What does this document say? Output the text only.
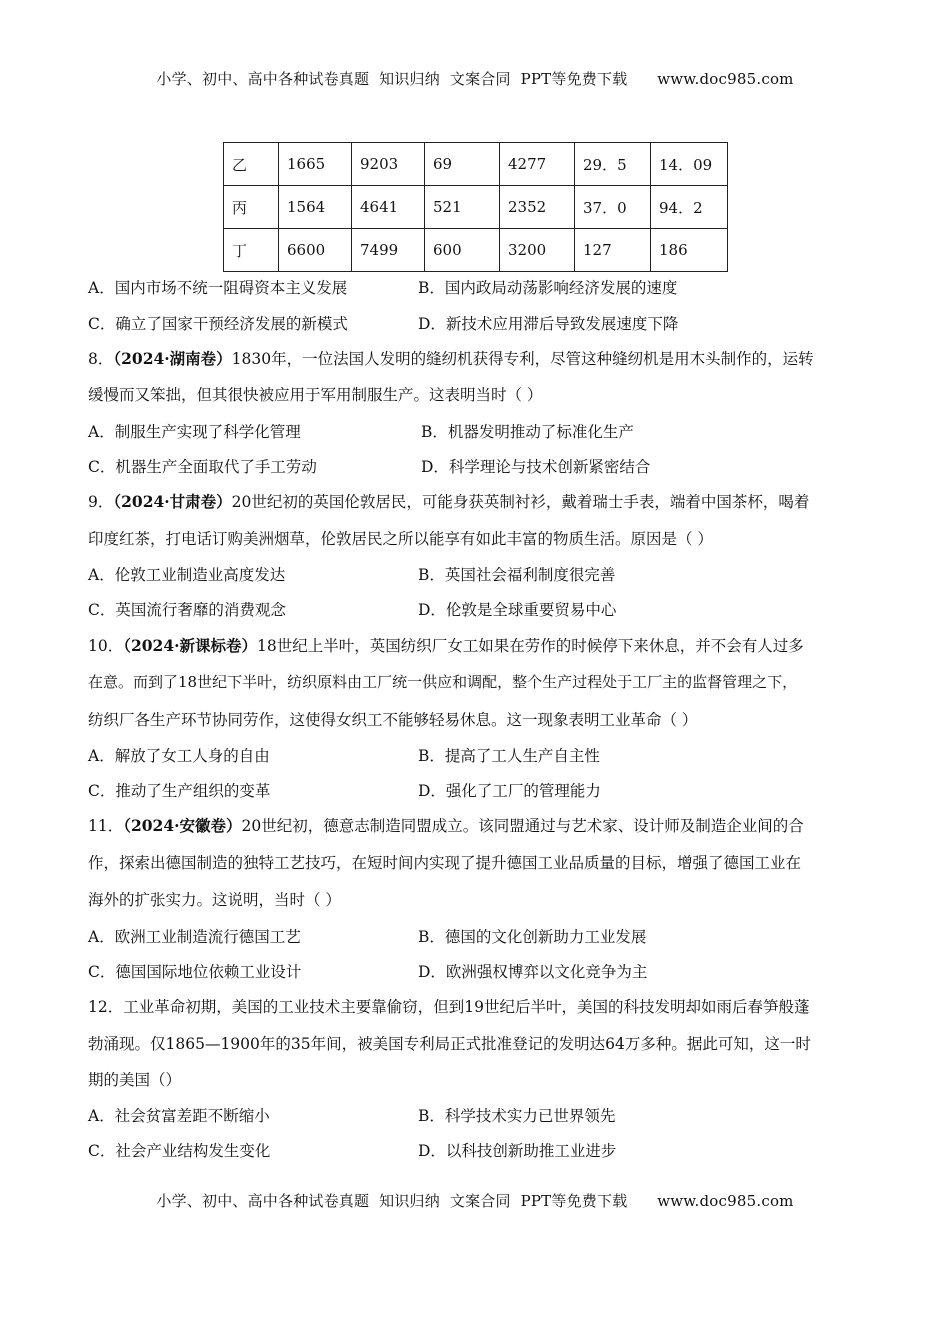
小学、初中、高中各种试卷真题  知识归纳  文案合同  PPT等免费下载      www.doc985.com
乙	1665	9203	69	4277	29．5	14．09
丙	1564	4641	521	2352	37．0	94．2
丁	6600	7499	600	3200	127	186
A．国内市场不统一阻碍资本主义发展	B．国内政局动荡影响经济发展的速度
C．确立了国家干预经济发展的新模式	D．新技术应用滞后导致发展速度下降
8．（2024·湖南卷）1830年，一位法国人发明的缝纫机获得专利，尽管这种缝纫机是用木头制作的，运转
缓慢而又笨拙，但其很快被应用于军用制服生产。这表明当时（ ）
A．制服生产实现了科学化管理	B．机器发明推动了标准化生产
C．机器生产全面取代了手工劳动	D．科学理论与技术创新紧密结合
9．（2024·甘肃卷）20世纪初的英国伦敦居民，可能身获英制衬衫，戴着瑞士手表，端着中国茶杯，喝着
印度红茶，打电话订购美洲烟草，伦敦居民之所以能享有如此丰富的物质生活。原因是（ ）
A．伦敦工业制造业高度发达	B．英国社会福利制度很完善
C．英国流行奢靡的消费观念	D．伦敦是全球重要贸易中心
10．（2024·新课标卷）18世纪上半叶，英国纺织厂女工如果在劳作的时候停下来休息，并不会有人过多
在意。而到了18世纪下半叶，纺织原料由工厂统一供应和调配，整个生产过程处于工厂主的监督管理之下，
纺织厂各生产环节协同劳作，这使得女织工不能够轻易休息。这一现象表明工业革命（ ）
A．解放了女工人身的自由	B．提高了工人生产自主性
C．推动了生产组织的变革	D．强化了工厂的管理能力
11．（2024·安徽卷）20世纪初，德意志制造同盟成立。该同盟通过与艺术家、设计师及制造企业间的合
作，探索出德国制造的独特工艺技巧，在短时间内实现了提升德国工业品质量的目标，增强了德国工业在
海外的扩张实力。这说明，当时（ ）
A．欧洲工业制造流行德国工艺	B．德国的文化创新助力工业发展
C．德国国际地位依赖工业设计	D．欧洲强权博弈以文化竞争为主
12．工业革命初期，美国的工业技术主要靠偷窃，但到19世纪后半叶，美国的科技发明却如雨后春笋般蓬
勃涌现。仅1865—1900年的35年间，被美国专利局正式批准登记的发明达64万多种。据此可知，这一时
期的美国（）
A．社会贫富差距不断缩小	B．科学技术实力已世界领先
C．社会产业结构发生变化	D．以科技创新助推工业进步
小学、初中、高中各种试卷真题  知识归纳  文案合同  PPT等免费下载      www.doc985.com
